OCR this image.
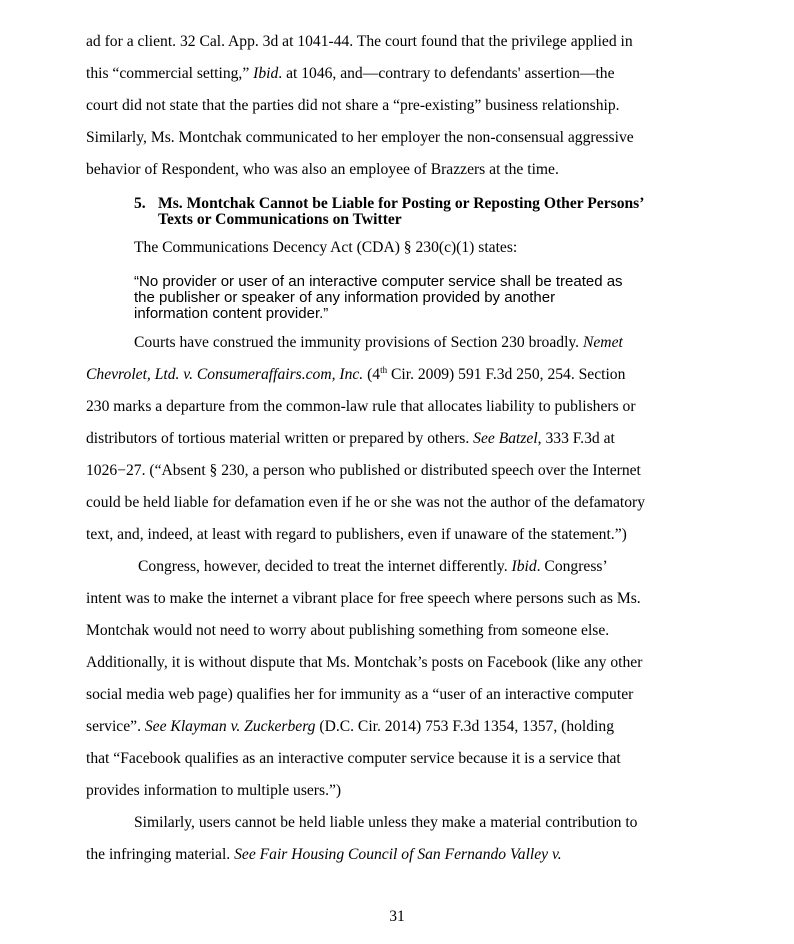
ad for a client. 32 Cal. App. 3d at 1041-44. The court found that the privilege applied in
this “commercial setting,” Ibid. at 1046, and—contrary to defendants' assertion—the
court did not state that the parties did not share a “pre-existing” business relationship.
Similarly, Ms. Montchak communicated to her employer the non-consensual aggressive
behavior of Respondent, who was also an employee of Brazzers at the time.
5. Ms. Montchak Cannot be Liable for Posting or Reposting Other Persons’
Texts or Communications on Twitter
The Communications Decency Act (CDA) § 230(c)(1) states:
“No provider or user of an interactive computer service shall be treated as
the publisher or speaker of any information provided by another
information content provider.”
Courts have construed the immunity provisions of Section 230 broadly. Nemet
Chevrolet, Ltd. v. Consumeraffairs.com, Inc. (4th Cir. 2009) 591 F.3d 250, 254. Section
230 marks a departure from the common-law rule that allocates liability to publishers or
distributors of tortious material written or prepared by others. See Batzel, 333 F.3d at
1026−27. (“Absent § 230, a person who published or distributed speech over the Internet
could be held liable for defamation even if he or she was not the author of the defamatory
text, and, indeed, at least with regard to publishers, even if unaware of the statement.”)
Congress, however, decided to treat the internet differently. Ibid. Congress’
intent was to make the internet a vibrant place for free speech where persons such as Ms.
Montchak would not need to worry about publishing something from someone else.
Additionally, it is without dispute that Ms. Montchak’s posts on Facebook (like any other
social media web page) qualifies her for immunity as a “user of an interactive computer
service”. See Klayman v. Zuckerberg (D.C. Cir. 2014) 753 F.3d 1354, 1357, (holding
that “Facebook qualifies as an interactive computer service because it is a service that
provides information to multiple users.”)
Similarly, users cannot be held liable unless they make a material contribution to
the infringing material. See Fair Housing Council of San Fernando Valley v.
31
